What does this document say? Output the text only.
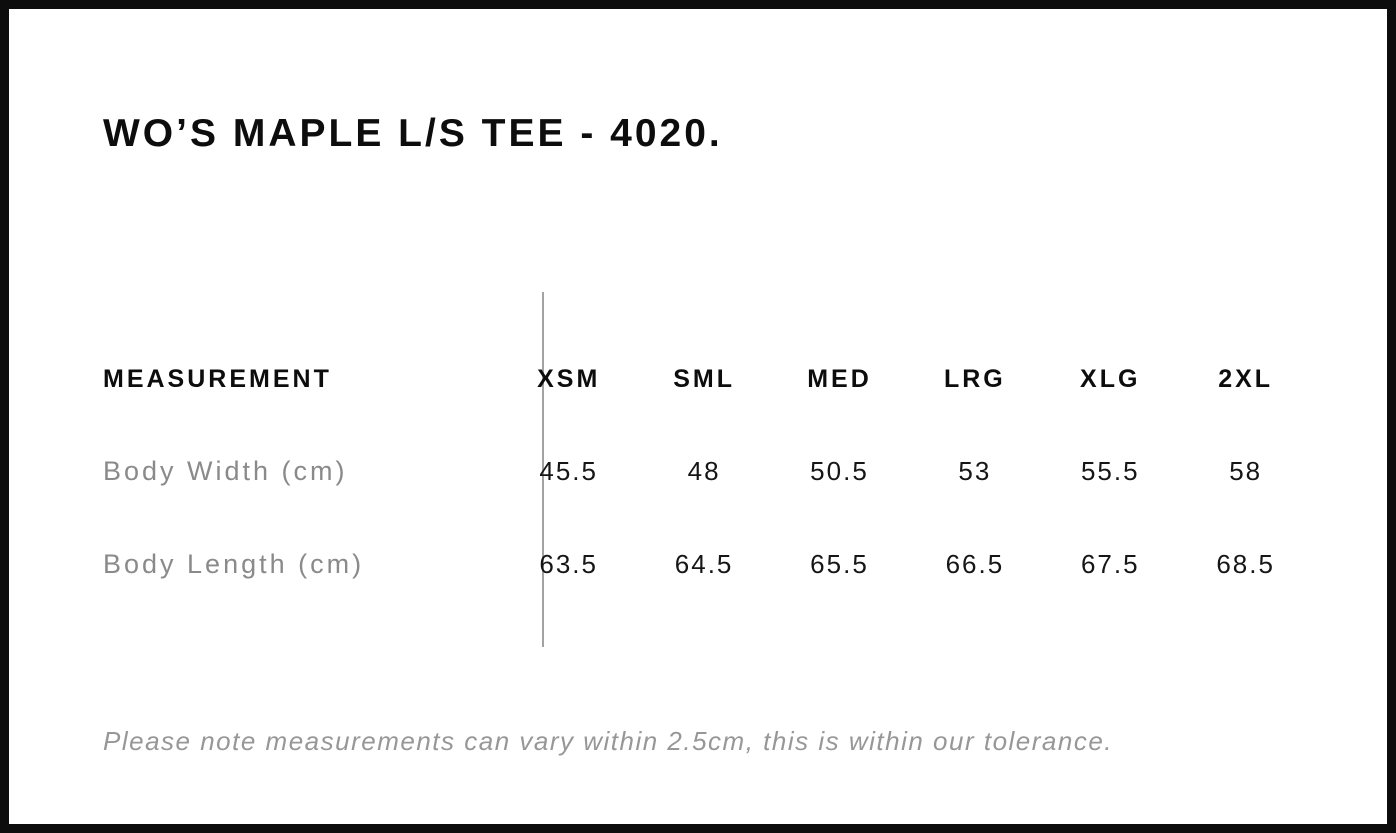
WO’S MAPLE L/S TEE - 4020.
MEASUREMENT	XSM	SML	MED	LRG	XLG	2XL
Body Width (cm)	45.5	48	50.5	53	55.5	58
Body Length (cm)	63.5	64.5	65.5	66.5	67.5	68.5

Please note measurements can vary within 2.5cm, this is within our tolerance.
